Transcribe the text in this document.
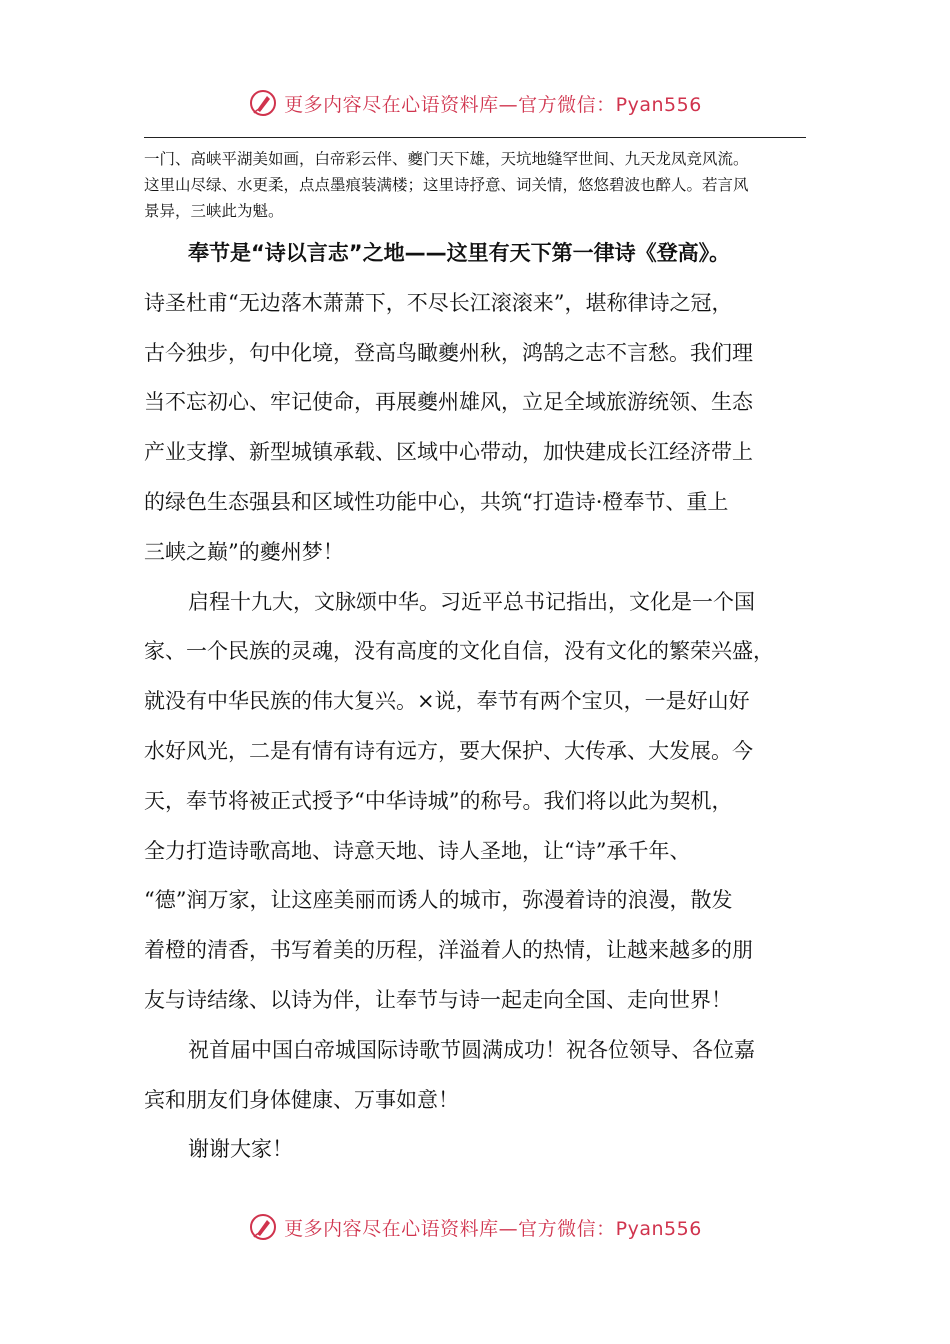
更多内容尽在心语资料库—官方微信：Pyan556
一门、高峡平湖美如画，白帝彩云伴、夔门天下雄，天坑地缝罕世间、九天龙凤竞风流。
这里山尽绿、水更柔，点点墨痕装满楼；这里诗抒意、词关情，悠悠碧波也醉人。若言风
景异，三峡此为魁。
奉节是“诗以言志”之地——这里有天下第一律诗《登高》。
诗圣杜甫“无边落木萧萧下，不尽长江滚滚来”，堪称律诗之冠，
古今独步，句中化境，登高鸟瞰夔州秋，鸿鹄之志不言愁。我们理
当不忘初心、牢记使命，再展夔州雄风，立足全域旅游统领、生态
产业支撑、新型城镇承载、区域中心带动，加快建成长江经济带上
的绿色生态强县和区域性功能中心，共筑“打造诗·橙奉节、重上
三峡之巅”的夔州梦！
启程十九大，文脉颂中华。习近平总书记指出，文化是一个国
家、一个民族的灵魂，没有高度的文化自信，没有文化的繁荣兴盛，
就没有中华民族的伟大复兴。×说，奉节有两个宝贝，一是好山好
水好风光，二是有情有诗有远方，要大保护、大传承、大发展。今
天，奉节将被正式授予“中华诗城”的称号。我们将以此为契机，
全力打造诗歌高地、诗意天地、诗人圣地，让“诗”承千年、
“德”润万家，让这座美丽而诱人的城市，弥漫着诗的浪漫，散发
着橙的清香，书写着美的历程，洋溢着人的热情，让越来越多的朋
友与诗结缘、以诗为伴，让奉节与诗一起走向全国、走向世界！
祝首届中国白帝城国际诗歌节圆满成功！祝各位领导、各位嘉
宾和朋友们身体健康、万事如意！
谢谢大家！
更多内容尽在心语资料库—官方微信：Pyan556
